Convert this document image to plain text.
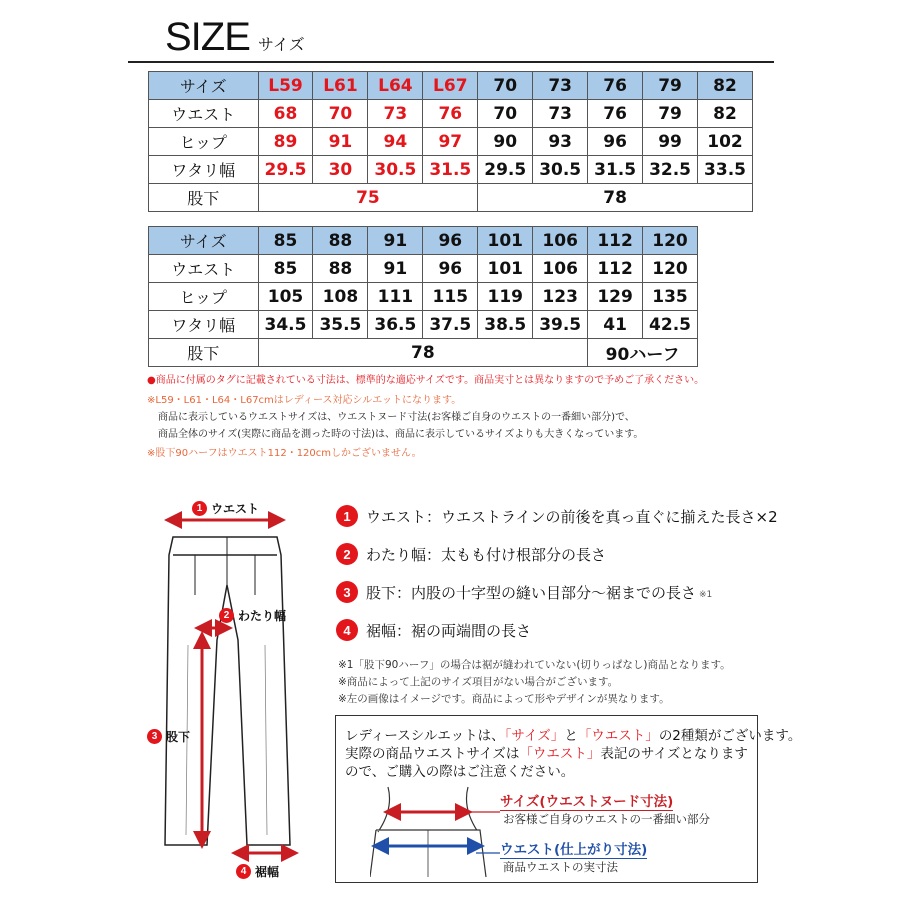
SIZE サイズ
サイズ	L59	L61	L64	L67	70	73	76	79	82
ウエスト	68	70	73	76	70	73	76	79	82
ヒップ	89	91	94	97	90	93	96	99	102
ワタリ幅	29.5	30	30.5	31.5	29.5	30.5	31.5	32.5	33.5
股下	75				78				
サイズ	85	88	91	96	101	106	112	120
ウエスト	85	88	91	96	101	106	112	120
ヒップ	105	108	111	115	119	123	129	135
ワタリ幅	34.5	35.5	36.5	37.5	38.5	39.5	41	42.5
股下	78						90ハーフ	
●商品に付属のタグに記載されている寸法は、標準的な適応サイズです。商品実寸とは異なりますので予めご了承ください。
※L59・L61・L64・L67cmはレディース対応シルエットになります。
商品に表示しているウエストサイズは、ウエストヌード寸法(お客様ご自身のウエストの一番細い部分)で、
商品全体のサイズ(実際に商品を測った時の寸法)は、商品に表示しているサイズよりも大きくなっています。
※股下90ハーフはウエスト112・120cmしかございません。
1 ウエスト
2 わたり幅
3 股下
4 裾幅
1	ウエスト：ウエストラインの前後を真っ直ぐに揃えた長さ×2
2	わたり幅：太もも付け根部分の長さ
3	股下：内股の十字型の縫い目部分〜裾までの長さ ※1
4	裾幅：裾の両端間の長さ
※1「股下90ハーフ」の場合は裾が縫われていない(切りっぱなし)商品となります。
※商品によって上記のサイズ項目がない場合がございます。
※左の画像はイメージです。商品によって形やデザインが異なります。
レディースシルエットは、「サイズ」と「ウエスト」の2種類がございます。
実際の商品ウエストサイズは「ウエスト」表記のサイズとなります
ので、ご購入の際はご注意ください。
サイズ(ウエストヌード寸法)
お客様ご自身のウエストの一番細い部分
ウエスト(仕上がり寸法)
商品ウエストの実寸法
